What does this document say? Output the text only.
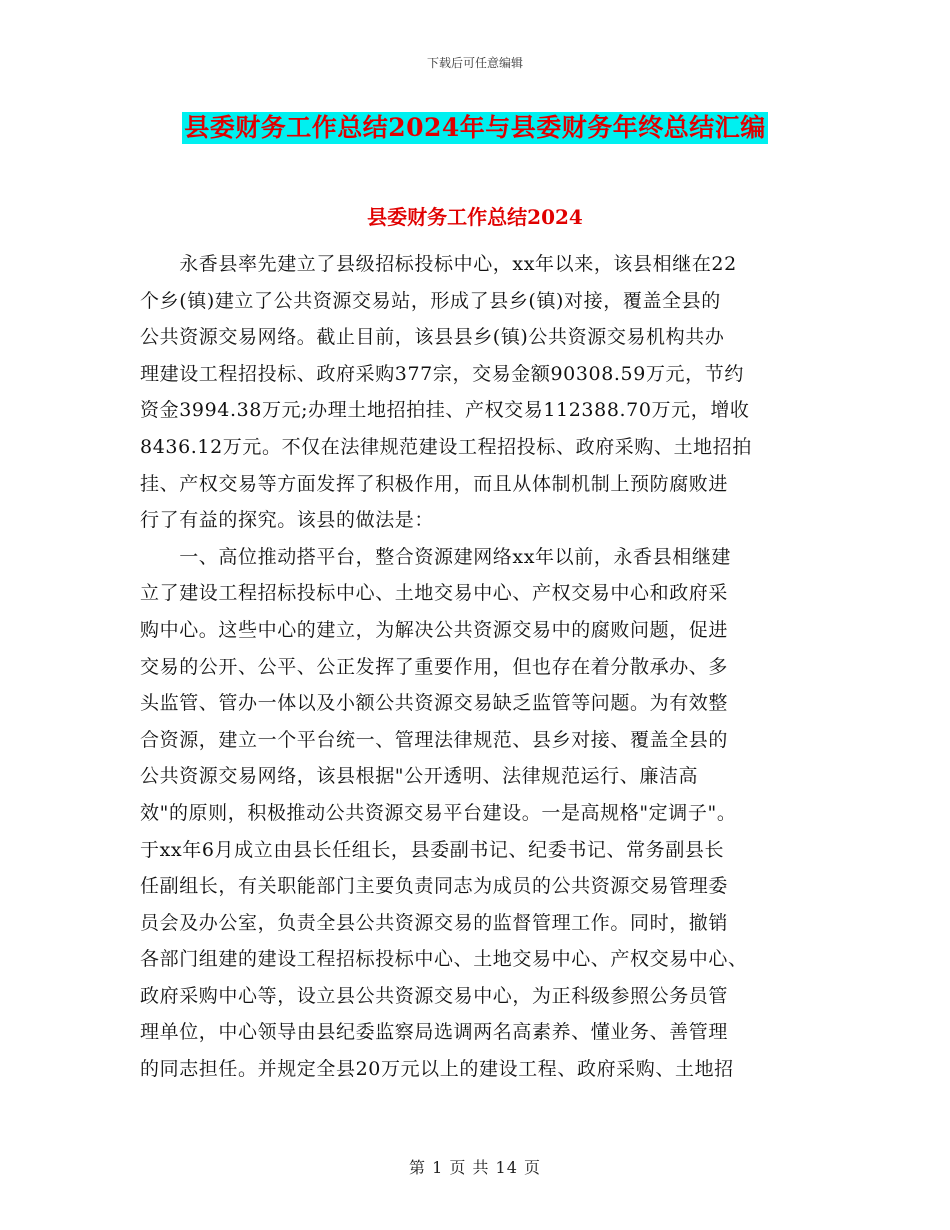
下载后可任意编辑
县委财务工作总结2024年与县委财务年终总结汇编
县委财务工作总结2024
　　永香县率先建立了县级招标投标中心，xx年以来，该县相继在22
个乡(镇)建立了公共资源交易站，形成了县乡(镇)对接，覆盖全县的
公共资源交易网络。截止目前，该县县乡(镇)公共资源交易机构共办
理建设工程招投标、政府采购377宗，交易金额90308.59万元，节约
资金3994.38万元;办理土地招拍挂、产权交易112388.70万元，增收
8436.12万元。不仅在法律规范建设工程招投标、政府采购、土地招拍
挂、产权交易等方面发挥了积极作用，而且从体制机制上预防腐败进
行了有益的探究。该县的做法是：
　　一、高位推动搭平台，整合资源建网络xx年以前，永香县相继建
立了建设工程招标投标中心、土地交易中心、产权交易中心和政府采
购中心。这些中心的建立，为解决公共资源交易中的腐败问题，促进
交易的公开、公平、公正发挥了重要作用，但也存在着分散承办、多
头监管、管办一体以及小额公共资源交易缺乏监管等问题。为有效整
合资源，建立一个平台统一、管理法律规范、县乡对接、覆盖全县的
公共资源交易网络，该县根据"公开透明、法律规范运行、廉洁高
效"的原则，积极推动公共资源交易平台建设。一是高规格"定调子"。
于xx年6月成立由县长任组长，县委副书记、纪委书记、常务副县长
任副组长，有关职能部门主要负责同志为成员的公共资源交易管理委
员会及办公室，负责全县公共资源交易的监督管理工作。同时，撤销
各部门组建的建设工程招标投标中心、土地交易中心、产权交易中心、
政府采购中心等，设立县公共资源交易中心，为正科级参照公务员管
理单位，中心领导由县纪委监察局选调两名高素养、懂业务、善管理
的同志担任。并规定全县20万元以上的建设工程、政府采购、土地招
第 1 页 共 14 页
